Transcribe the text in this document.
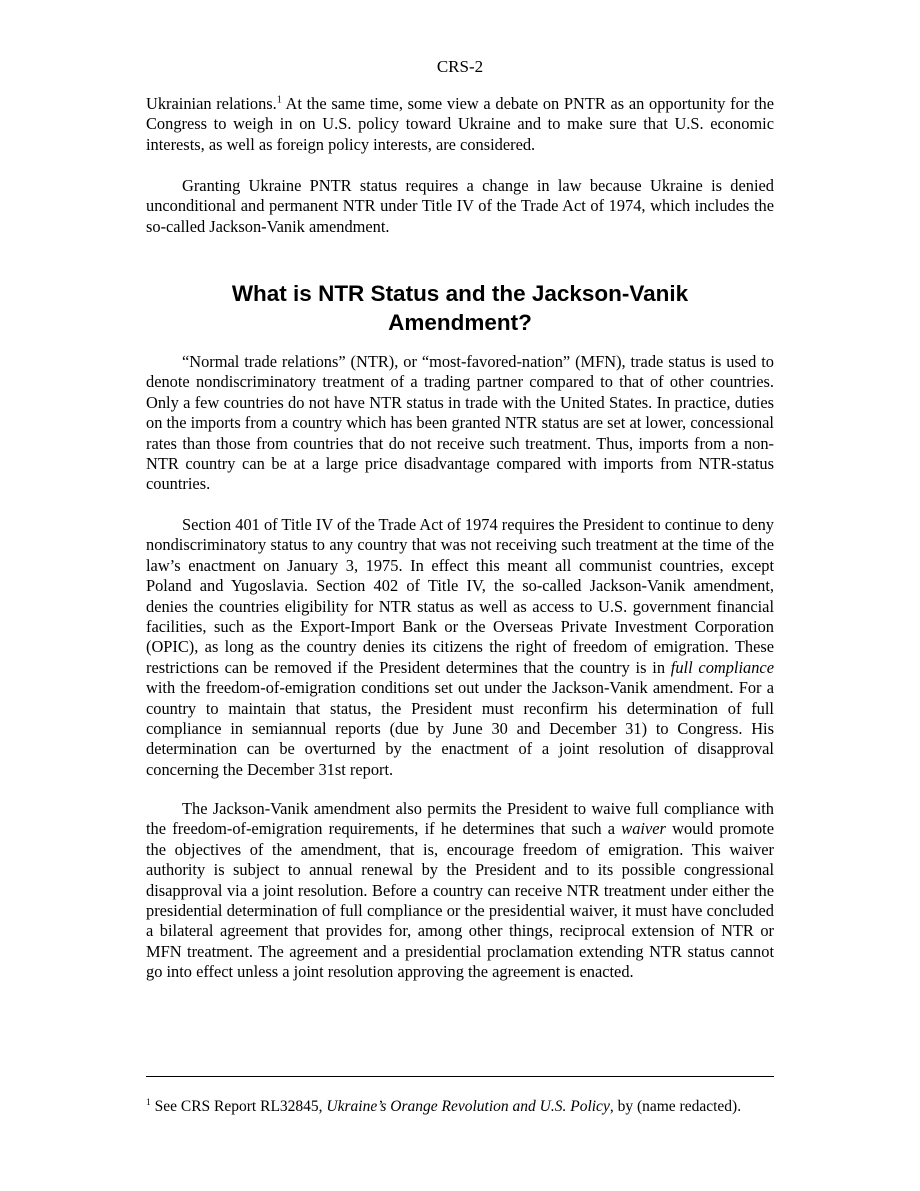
CRS-2

Ukrainian relations.$^1$ At the same time, some view a debate on PNTR as an opportunity for the Congress to weigh in on U.S. policy toward Ukraine and to make sure that U.S. economic interests, as well as foreign policy interests, are considered.

Granting Ukraine PNTR status requires a change in law because Ukraine is denied unconditional and permanent NTR under Title IV of the Trade Act of 1974, which includes the so-called Jackson-Vanik amendment.

What is NTR Status and the Jackson-Vanik
Amendment?

“Normal trade relations” (NTR), or “most-favored-nation” (MFN), trade status is used to denote nondiscriminatory treatment of a trading partner compared to that of other countries. Only a few countries do not have NTR status in trade with the United States. In practice, duties on the imports from a country which has been granted NTR status are set at lower, concessional rates than those from countries that do not receive such treatment. Thus, imports from a non-NTR country can be at a large price disadvantage compared with imports from NTR-status countries.

Section 401 of Title IV of the Trade Act of 1974 requires the President to continue to deny nondiscriminatory status to any country that was not receiving such treatment at the time of the law’s enactment on January 3, 1975. In effect this meant all communist countries, except Poland and Yugoslavia. Section 402 of Title IV, the so-called Jackson-Vanik amendment, denies the countries eligibility for NTR status as well as access to U.S. government financial facilities, such as the Export-Import Bank or the Overseas Private Investment Corporation (OPIC), as long as the country denies its citizens the right of freedom of emigration. These restrictions can be removed if the President determines that the country is in full compliance with the freedom-of-emigration conditions set out under the Jackson-Vanik amendment. For a country to maintain that status, the President must reconfirm his determination of full compliance in semiannual reports (due by June 30 and December 31) to Congress. His determination can be overturned by the enactment of a joint resolution of disapproval concerning the December 31st report.

The Jackson-Vanik amendment also permits the President to waive full compliance with the freedom-of-emigration requirements, if he determines that such a waiver would promote the objectives of the amendment, that is, encourage freedom of emigration. This waiver authority is subject to annual renewal by the President and to its possible congressional disapproval via a joint resolution. Before a country can receive NTR treatment under either the presidential determination of full compliance or the presidential waiver, it must have concluded a bilateral agreement that provides for, among other things, reciprocal extension of NTR or MFN treatment. The agreement and a presidential proclamation extending NTR status cannot go into effect unless a joint resolution approving the agreement is enacted.

$^1$ See CRS Report RL32845, Ukraine’s Orange Revolution and U.S. Policy, by (name redacted).
